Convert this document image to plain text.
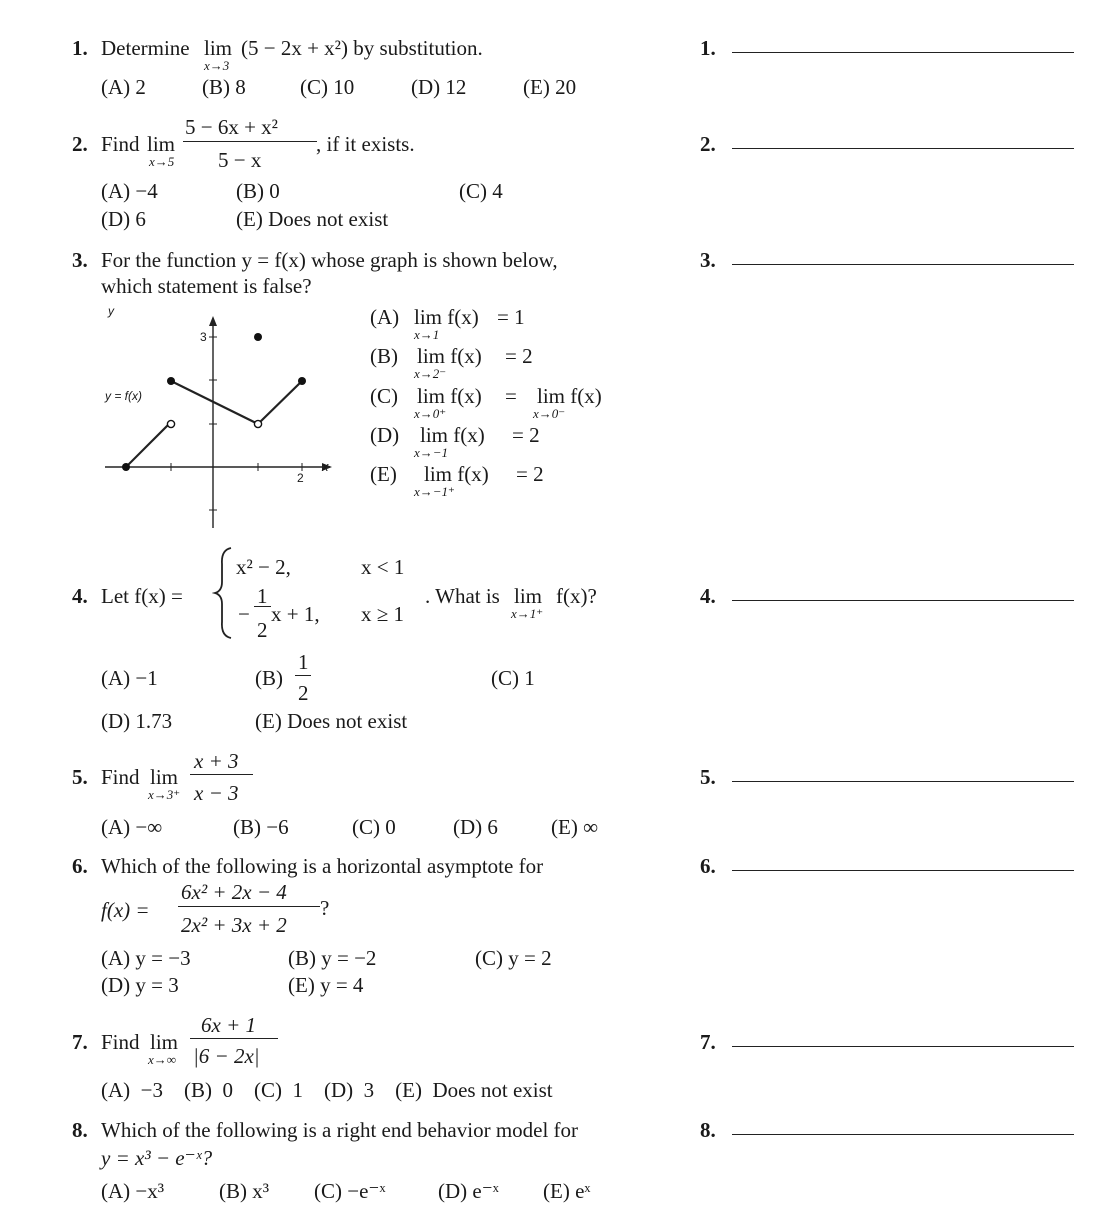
1.
2.
3.
4.
5.
6.
7.
8.
1. Determine lim
x→3
(5 − 2x + x²) by substitution.
(A) 2	(B) 8	(C) 10	(D) 12	(E) 20
2. Find lim
x→5
5 − 6x + x²
5 − x
, if it exists.
(A) −4	(B) 0	(C) 4
(D) 6	(E) Does not exist
3. For the function y = f(x) whose graph is shown below,
which statement is false?
y
3
y = f(x)
2
x
(A) lim f(x)
x→1
= 1
(B) lim f(x)
x→2⁻
= 2
(C) lim f(x)
x→0⁺
= lim f(x)
x→0⁻
(D) lim f(x)
x→−1
= 2
(E) lim f(x)
x→−1⁺
= 2
4. Let f(x) =
x² − 2,	x < 1
−
1
2
x + 1, x ≥ 1
. What is lim
x→1⁺
f(x)?
(A) −1	(B)
1
2
(C) 1
(D) 1.73	(E) Does not exist
5. Find lim
x→3⁺
x + 3
x − 3
(A) −∞	(B) −6	(C) 0	(D) 6	(E) ∞
6. Which of the following is a horizontal asymptote for
f(x) =
6x² + 2x − 4
2x² + 3x + 2
?
(A) y = −3	(B) y = −2	(C) y = 2
(D) y = 3	(E) y = 4
7. Find lim
x→∞
6x + 1
|6 − 2x|
(A)  −3    (B)  0    (C)  1    (D)  3    (E)  Does not exist
8. Which of the following is a right end behavior model for
y = x³ − e⁻ˣ?
(A) −x³	(B) x³ (C) −e⁻ˣ (D) e⁻ˣ (E) eˣ
